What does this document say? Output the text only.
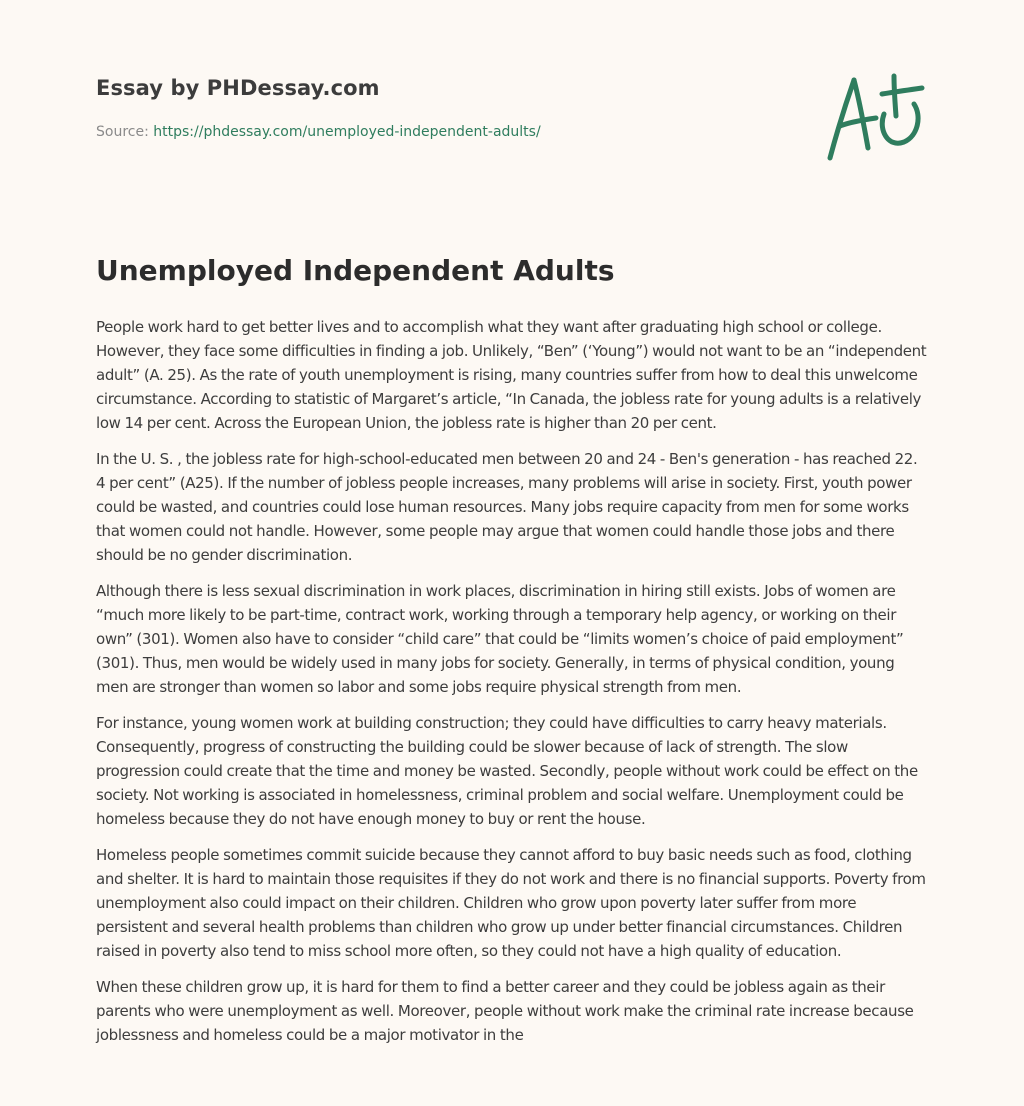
Essay by PHDessay.com
Source: https://phdessay.com/unemployed-independent-adults/
Unemployed Independent Adults

People work hard to get better lives and to accomplish what they want after graduating high school or college. However, they face some difficulties in finding a job. Unlikely, “Ben” (‘Young”) would not want to be an “independent adult” (A. 25). As the rate of youth unemployment is rising, many countries suffer from how to deal this unwelcome circumstance. According to statistic of Margaret’s article, “In Canada, the jobless rate for young adults is a relatively low 14 per cent. Across the European Union, the jobless rate is higher than 20 per cent.

In the U. S. , the jobless rate for high-school-educated men between 20 and 24 - Ben's generation - has reached 22. 4 per cent” (A25). If the number of jobless people increases, many problems will arise in society. First, youth power could be wasted, and countries could lose human resources. Many jobs require capacity from men for some works that women could not handle. However, some people may argue that women could handle those jobs and there should be no gender discrimination.

Although there is less sexual discrimination in work places, discrimination in hiring still exists. Jobs of women are “much more likely to be part-time, contract work, working through a temporary help agency, or working on their own” (301). Women also have to consider “child care” that could be “limits women’s choice of paid employment” (301). Thus, men would be widely used in many jobs for society. Generally, in terms of physical condition, young men are stronger than women so labor and some jobs require physical strength from men.

For instance, young women work at building construction; they could have difficulties to carry heavy materials. Consequently, progress of constructing the building could be slower because of lack of strength. The slow progression could create that the time and money be wasted. Secondly, people without work could be effect on the society. Not working is associated in homelessness, criminal problem and social welfare. Unemployment could be homeless because they do not have enough money to buy or rent the house.

Homeless people sometimes commit suicide because they cannot afford to buy basic needs such as food, clothing and shelter. It is hard to maintain those requisites if they do not work and there is no financial supports. Poverty from unemployment also could impact on their children. Children who grow upon poverty later suffer from more persistent and several health problems than children who grow up under better financial circumstances. Children raised in poverty also tend to miss school more often, so they could not have a high quality of education.

When these children grow up, it is hard for them to find a better career and they could be jobless again as their parents who were unemployment as well. Moreover, people without work make the criminal rate increase because joblessness and homeless could be a major motivator in the
